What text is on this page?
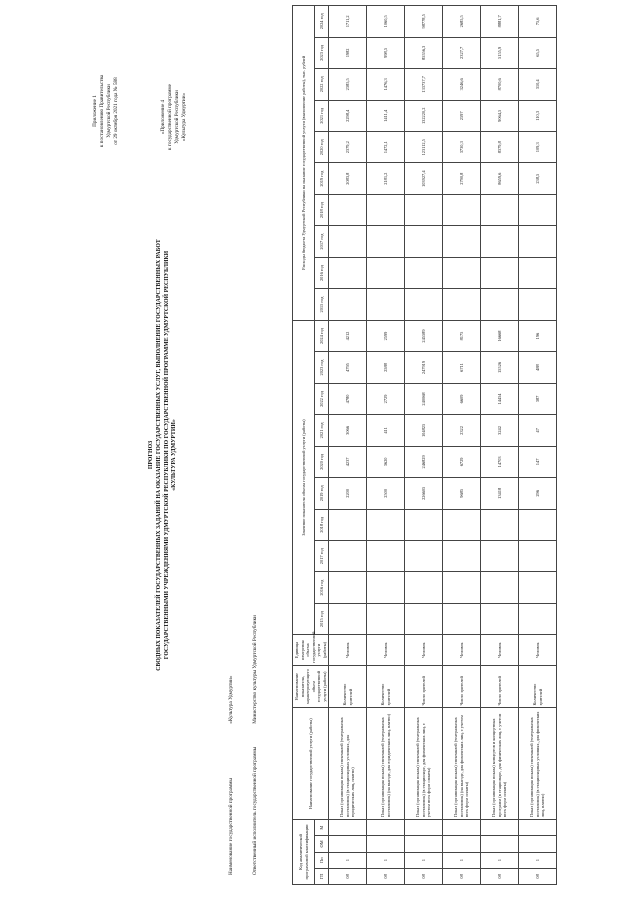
Приложение 1 к постановлению Правительства Удмуртской Республики от 29 октября 2021 года № 588	«Приложение 4 к государственной программе Удмуртской Республики «Культура Удмуртии»
ПРОГНОЗ СВОДНЫХ ПОКАЗАТЕЛЕЙ ГОСУДАРСТВЕННЫХ ЗАДАНИЙ НА ОКАЗАНИЕ ГОСУДАРСТВЕННЫХ УСЛУГ, ВЫПОЛНЕНИЕ ГОСУДАРСТВЕННЫХ РАБОТ ГОСУДАРСТВЕННЫМИ УЧРЕЖДЕНИЯМИ УДМУРТСКОЙ РЕСПУБЛИКИ ПО ГОСУДАРСТВЕННОЙ ПРОГРАММЕ УДМУРТСКОЙ РЕСПУБЛИКИ «КУЛЬТУРА УДМУРТИИ»
Наименование государственной программы «Культура Удмуртии»
Ответственный исполнитель государственной программы Министерство культуры Удмуртской Республики
Код аналитической программной классификации				Наименование государственной услуги (работы)	Наименование показателя, характеризующего объем государственной услуги (работы)	Единица измерения объема государственной услуги (работы)	Значение показателя объема государственной услуги (работы)										Расходы бюджета Удмуртской Республики на оказание государственной услуги (выполнение работы), тыс. рублей									
ГП	Пп	ОМ	М				2015 год	2016 год	2017 год	2018 год	2019 год	2020 год	2021 год	2022 год	2023 год	2024 год	2015 год	2016 год	2017 год	2018 год	2019 год	2020 год	2021 год	2022 год	2023 год	2024 год
08	1			Показ (организация показа) спектаклей (театральных постановок) (в стационарных условиях, для юридических лиц, платно)	Количество зрителей	Человек					2200	4237	3066	4780	4795	4212					2083,8	2379,2	2298,4	2385,5	1982	1711,2
08	1			Показ (организация показа) спектаклей (театральных постановок) (на выезде, для юридических лиц, платно)	Количество зрителей	Человек					2500	3620	411	2729	2588	2599					2181,2	1472,1	1411,4	1476,3	998,5	1060,5
08	1			Показ (организация показа) спектаклей (театральных постановок) (в стационаре, для физических лиц, с учетом всех форм оплаты)	Число зрителей	Человек					226605	246829	104825	240068	247919	245589					103927,4	123112,5	132220,2	133737,7	85556,3	98778,5
08	1			Показ (организация показа) спектаклей (театральных постановок) (на выезде, для физических лиц, с учетом всех форм оплаты)	Число зрителей	Человек					9685	6729	2322	6609	6711	8175					2790,8	3730,3	2597	3246,6	2327,7	2685,5
08	1			Показ (организация показа) концертов и концертных программ (в стационаре, для физических лиц, с учетом всех форм оплаты)	Число зрителей	Человек					13418	14703	3242	14454	15526	16668					8659,6	8379,8	9064,5	8700,6	5155,9	8881,7
08	1			Показ (организация показа) спектаклей (театральных постановок) (в стационарных условиях, для физических лиц, платно)	Количество зрителей	Человек					296	147	47	387	488	196					238,5	109,3	110,3	310,4	65,5	75,6
